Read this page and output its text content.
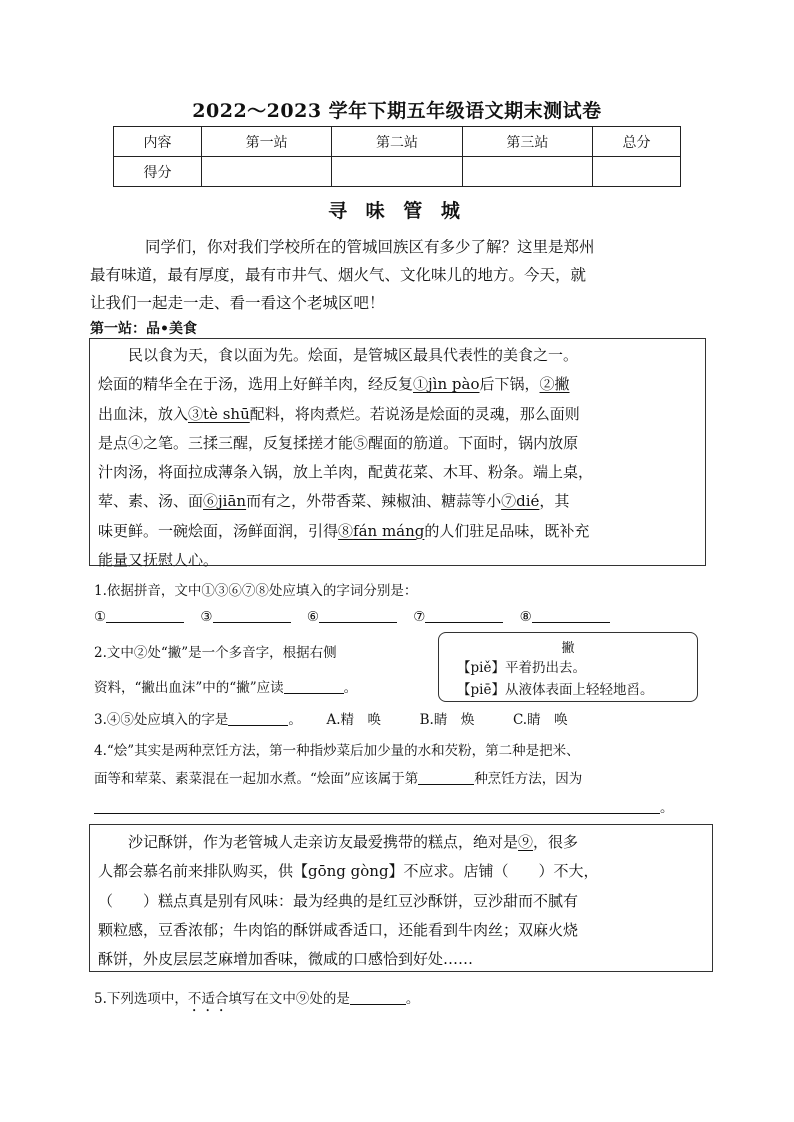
2022～2023 学年下期五年级语文期末测试卷
内容	第一站	第二站	第三站	总分
得分				
寻 味 管 城
同学们，你对我们学校所在的管城回族区有多少了解？这里是郑州
最有味道，最有厚度，最有市井气、烟火气、文化味儿的地方。今天，就
让我们一起走一走、看一看这个老城区吧！
第一站：品•美食
民以食为天，食以面为先。烩面，是管城区最具代表性的美食之一。
烩面的精华全在于汤，选用上好鲜羊肉，经反复①jìn pào后下锅，②撇
出血沫，放入③tè shū配料，将肉煮烂。若说汤是烩面的灵魂，那么面则
是点④之笔。三揉三醒，反复揉搓才能⑤醒面的筋道。下面时，锅内放原
汁肉汤，将面拉成薄条入锅，放上羊肉，配黄花菜、木耳、粉条。端上桌，
荤、素、汤、面⑥jiān而有之，外带香菜、辣椒油、糖蒜等小⑦dié，其
味更鲜。一碗烩面，汤鲜面润，引得⑧fán máng的人们驻足品味，既补充
能量又抚慰人心。
1.依据拼音，文中①③⑥⑦⑧处应填入的字词分别是：
①	③	⑥	⑦	⑧
2.文中②处“撇”是一个多音字，根据右侧
资料，“撇出血沫”中的“撇”应读	。
撇
【piě】平着扔出去。
【piē】从液体表面上轻轻地舀。
3.④⑤处应填入的字是	。 A.精　唤	B.睛　焕	C.睛　唤
4.“烩”其实是两种烹饪方法，第一种指炒菜后加少量的水和芡粉，第二种是把米、
面等和荤菜、素菜混在一起加水煮。“烩面”应该属于第	种烹饪方法，因为
。
沙记酥饼，作为老管城人走亲访友最爱携带的糕点，绝对是⑨，很多
人都会慕名前来排队购买，供【gōng gòng】不应求。店铺（　　）不大，
（　　）糕点真是别有风味：最为经典的是红豆沙酥饼，豆沙甜而不腻有
颗粒感，豆香浓郁；牛肉馅的酥饼咸香适口，还能看到牛肉丝；双麻火烧
酥饼，外皮层层芝麻增加香味，微咸的口感恰到好处……
5.下列选项中，不适合填写在文中⑨处的是	。
